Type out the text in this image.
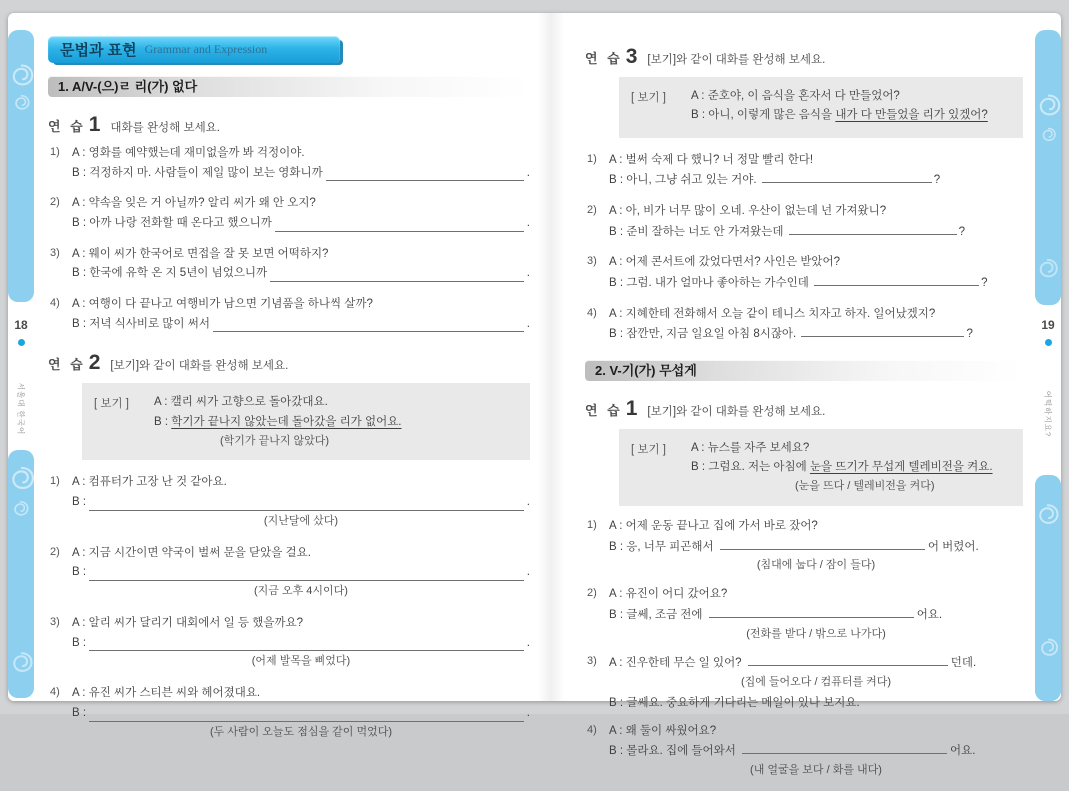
18
서울대 한국어
19
어떡하지요?
문법과 표현 Grammar and Expression
1. A/V-(으)ㄹ 리(가) 없다
연 습 1 대화를 완성해 보세요.
1)	A : 영화를 예약했는데 재미없을까 봐 걱정이야.
B : 걱정하지 마. 사람들이 제일 많이 보는 영화니까	.
2)	A : 약속을 잊은 거 아닐까? 알리 씨가 왜 안 오지?
B : 아까 나랑 전화할 때 온다고 했으니까	.
3)	A : 웨이 씨가 한국어로 면접을 잘 못 보면 어떡하지?
B : 한국에 유학 온 지 5년이 넘었으니까	.
4)	A : 여행이 다 끝나고 여행비가 남으면 기념품을 하나씩 살까?
B : 저녁 식사비로 많이 써서	.
연 습 2 [보기]와 같이 대화를 완성해 보세요.
[ 보기 ]	A : 캘리 씨가 고향으로 돌아갔대요.
B : 학기가 끝나지 않았는데 돌아갔을 리가 없어요.
(학기가 끝나지 않았다)
1)	A : 컴퓨터가 고장 난 것 같아요.
B :	.
(지난달에 샀다)
2)	A : 지금 시간이면 약국이 벌써 문을 닫았을 걸요.
B :	.
(지금 오후 4시이다)
3)	A : 알리 씨가 달리기 대회에서 일 등 했을까요?
B :	.
(어제 발목을 삐었다)
4)	A : 유진 씨가 스티븐 씨와 헤어졌대요.
B :	.
(두 사람이 오늘도 점심을 같이 먹었다)
연 습 3 [보기]와 같이 대화를 완성해 보세요.
[ 보기 ]	A : 준호야, 이 음식을 혼자서 다 만들었어?
B : 아니, 이렇게 많은 음식을 내가 다 만들었을 리가 있겠어?
1)	A : 벌써 숙제 다 했니? 너 정말 빨리 한다!
B : 아니, 그냥 쉬고 있는 거야.	?
2)	A : 아, 비가 너무 많이 오네. 우산이 없는데 넌 가져왔니?
B : 준비 잘하는 너도 안 가져왔는데	?
3)	A : 어제 콘서트에 갔었다면서? 사인은 받았어?
B : 그럼. 내가 얼마나 좋아하는 가수인데	?
4)	A : 지혜한테 전화해서 오늘 같이 테니스 치자고 하자. 일어났겠지?
B : 잠깐만, 지금 일요일 아침 8시잖아.	?
2. V-기(가) 무섭게
연 습 1 [보기]와 같이 대화를 완성해 보세요.
[ 보기 ]	A : 뉴스를 자주 보세요?
B : 그럼요. 저는 아침에 눈을 뜨기가 무섭게 텔레비전을 켜요.
(눈을 뜨다 / 텔레비전을 켜다)
1)	A : 어제 운동 끝나고 집에 가서 바로 잤어?
B : 응, 너무 피곤해서	어 버렸어.
(침대에 눕다 / 잠이 들다)
2)	A : 유진이 어디 갔어요?
B : 글쎄, 조금 전에	어요.
(전화를 받다 / 밖으로 나가다)
3)	A : 진우한테 무슨 일 있어?	던데.
(집에 들어오다 / 컴퓨터를 켜다)
B : 글쎄요. 중요하게 기다리는 메일이 있나 보지요.
4)	A : 왜 둘이 싸웠어요?
B : 몰라요. 집에 들어와서	어요.
(내 얼굴을 보다 / 화를 내다)
